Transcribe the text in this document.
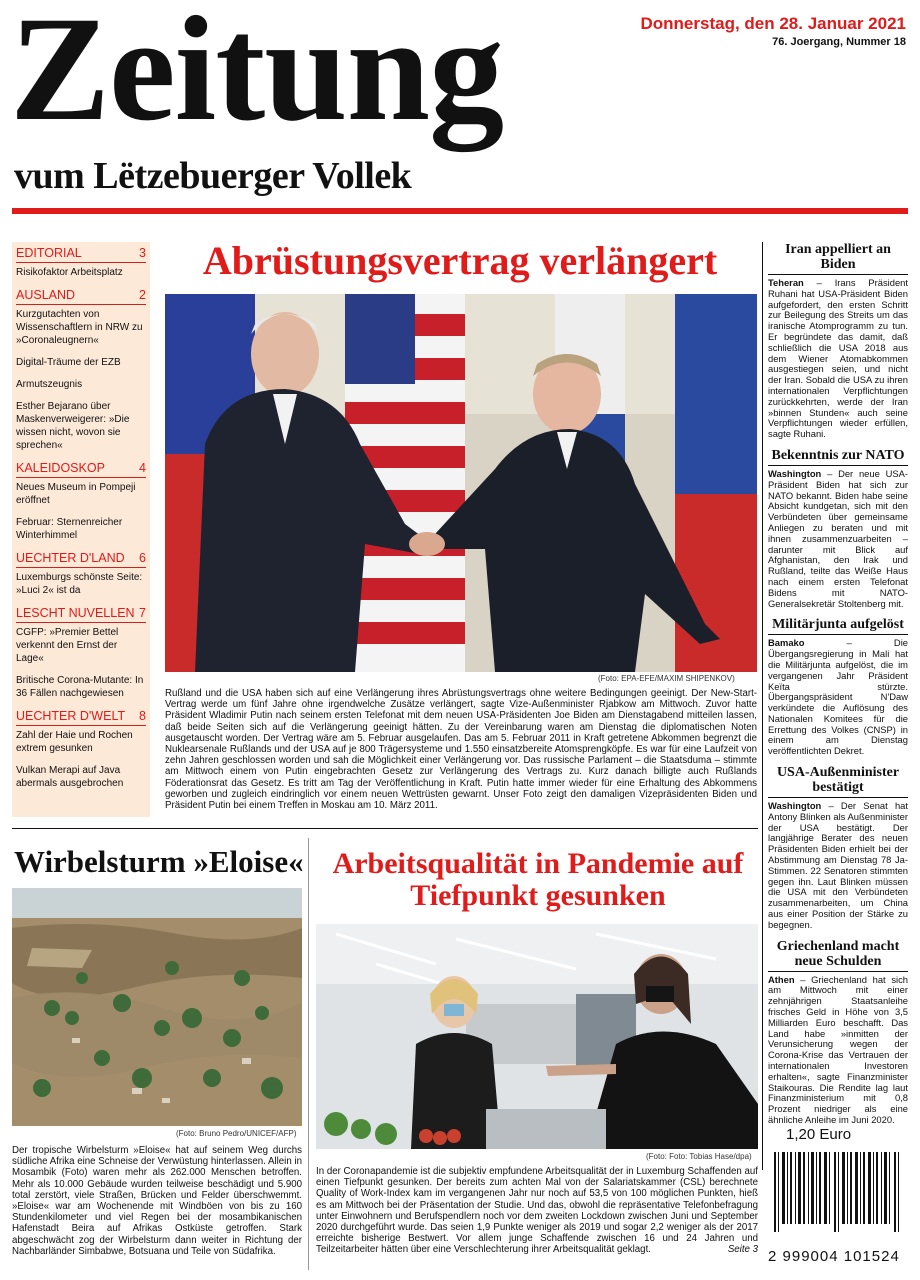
Zeitung
vum Lëtzebuerger Vollek
Donnerstag, den 28. Januar 2021
76. Joergang, Nummer 18
EDITORIAL	3
Risikofaktor Arbeitsplatz
AUSLAND	2
Kurzgutachten von Wissenschaftlern in NRW zu »Coronaleugnern«
Digital-Träume der EZB
Armutszeugnis
Esther Bejarano über Maskenverweigerer: »Die wissen nicht, wovon sie sprechen«
KALEIDOSKOP	4
Neues Museum in Pompeji eröffnet
Februar: Sternenreicher Winterhimmel
UECHTER D'LAND 6
Luxemburgs schönste Seite: »Luci 2« ist da
LESCHT NUVELLEN 7
CGFP: »Premier Bettel verkennt den Ernst der Lage«
Britische Corona-Mutante: In 36 Fällen nachgewiesen
UECHTER D'WELT 8
Zahl der Haie und Rochen extrem gesunken
Vulkan Merapi auf Java abermals ausgebrochen
Abrüstungsvertrag verlängert
(Foto: EPA-EFE/MAXIM SHIPENKOV)
Rußland und die USA haben sich auf eine Verlängerung ihres Abrüstungsvertrags ohne weitere Bedingungen geeinigt. Der New-Start-Vertrag werde um fünf Jahre ohne irgendwelche Zusätze verlängert, sagte Vize-Außenminister Rjabkow am Mittwoch. Zuvor hatte Präsident Wladimir Putin nach seinem ersten Telefonat mit dem neuen USA-Präsidenten Joe Biden am Dienstagabend mitteilen lassen, daß beide Seiten sich auf die Verlängerung geeinigt hätten. Zu der Vereinbarung waren am Dienstag die diplomatischen Noten ausgetauscht worden. Der Vertrag wäre am 5. Februar ausgelaufen. Das am 5. Februar 2011 in Kraft getretene Abkommen begrenzt die Nuklearsenale Rußlands und der USA auf je 800 Trägersysteme und 1.550 einsatzbereite Atomsprengköpfe. Es war für eine Laufzeit von zehn Jahren geschlossen worden und sah die Möglichkeit einer Verlängerung vor. Das russische Parlament – die Staatsduma – stimmte am Mittwoch einem von Putin eingebrachten Gesetz zur Verlängerung des Vertrags zu. Kurz danach billigte auch Rußlands Föderationsrat das Gesetz. Es tritt am Tag der Veröffentlichung in Kraft. Putin hatte immer wieder für eine Erhaltung des Abkommens geworben und zugleich eindringlich vor einem neuen Wettrüsten gewarnt. Unser Foto zeigt den damaligen Vizepräsidenten Biden und Präsident Putin bei einem Treffen in Moskau am 10. März 2011.
Iran appelliert an Biden

Teheran – Irans Präsident Ruhani hat USA-Präsident Biden aufgefordert, den ersten Schritt zur Beilegung des Streits um das iranische Atomprogramm zu tun. Er begründete das damit, daß schließlich die USA 2018 aus dem Wiener Atomabkommen ausgestiegen seien, und nicht der Iran. Sobald die USA zu ihren internationalen Verpflichtungen zurückkehrten, werde der Iran »binnen Stunden« auch seine Verpflichtungen wieder erfüllen, sagte Ruhani.

Bekenntnis zur NATO

Washington – Der neue USA-Präsident Biden hat sich zur NATO bekannt. Biden habe seine Absicht kundgetan, sich mit den Verbündeten über gemeinsame Anliegen zu beraten und mit ihnen zusammenzuarbeiten – darunter mit Blick auf Afghanistan, den Irak und Rußland, teilte das Weiße Haus nach einem ersten Telefonat Bidens mit NATO-Generalsekretär Stoltenberg mit.

Militärjunta aufgelöst

Bamako – Die Übergangsregierung in Mali hat die Militärjunta aufgelöst, die im vergangenen Jahr Präsident Keïta stürzte. Übergangspräsident N'Daw verkündete die Auflösung des Nationalen Komitees für die Errettung des Volkes (CNSP) in einem am Dienstag veröffentlichten Dekret.

USA-Außenminister bestätigt

Washington – Der Senat hat Antony Blinken als Außenminister der USA bestätigt. Der langjährige Berater des neuen Präsidenten Biden erhielt bei der Abstimmung am Dienstag 78 Ja-Stimmen. 22 Senatoren stimmten gegen ihn. Laut Blinken müssen die USA mit den Verbündeten zusammenarbeiten, um China aus einer Position der Stärke zu begegnen.

Griechenland macht neue Schulden

Athen – Griechenland hat sich am Mittwoch mit einer zehnjährigen Staatsanleihe frisches Geld in Höhe von 3,5 Milliarden Euro beschafft. Das Land habe »inmitten der Verunsicherung wegen der Corona-Krise das Vertrauen der internationalen Investoren erhalten«, sagte Finanzminister Staikouras. Die Rendite lag laut Finanzministerium mit 0,8 Prozent niedriger als eine ähnliche Anleihe im Juni 2020.

Wirbelsturm »Eloise«
(Foto: Bruno Pedro/UNICEF/AFP)
Der tropische Wirbelsturm »Eloise« hat auf seinem Weg durchs südliche Afrika eine Schneise der Verwüstung hinterlassen. Allein in Mosambik (Foto) waren mehr als 262.000 Menschen betroffen. Mehr als 10.000 Gebäude wurden teilweise beschädigt und 5.900 total zerstört, viele Straßen, Brücken und Felder überschwemmt. »Eloise« war am Wochenende mit Windböen von bis zu 160 Stundenkilometer und viel Regen bei der mosambikanischen Hafenstadt Beira auf Afrikas Ostküste getroffen. Stark abgeschwächt zog der Wirbelsturm dann weiter in Richtung der Nachbarländer Simbabwe, Botsuana und Teile von Südafrika.
Arbeitsqualität in Pandemie auf Tiefpunkt gesunken
(Foto: Foto: Tobias Hase/dpa)
In der Coronapandemie ist die subjektiv empfundene Arbeitsqualität der in Luxemburg Schaffenden auf einen Tiefpunkt gesunken. Der bereits zum achten Mal von der Salariatskammer (CSL) berechnete Quality of Work-Index kam im vergangenen Jahr nur noch auf 53,5 von 100 möglichen Punkten, hieß es am Mittwoch bei der Präsentation der Studie. Und das, obwohl die repräsentative Telefonbefragung unter Einwohnern und Berufspendlern noch vor dem zweiten Lockdown zwischen Juni und September 2020 durchgeführt wurde. Das seien 1,9 Punkte weniger als 2019 und sogar 2,2 weniger als der 2017 erreichte bisherige Bestwert. Vor allem junge Schaffende zwischen 16 und 24 Jahren und Teilzeitarbeiter hätten über eine Verschlechterung ihrer Arbeitsqualität geklagt.	Seite 3
1,20 Euro
2 999004 101524
